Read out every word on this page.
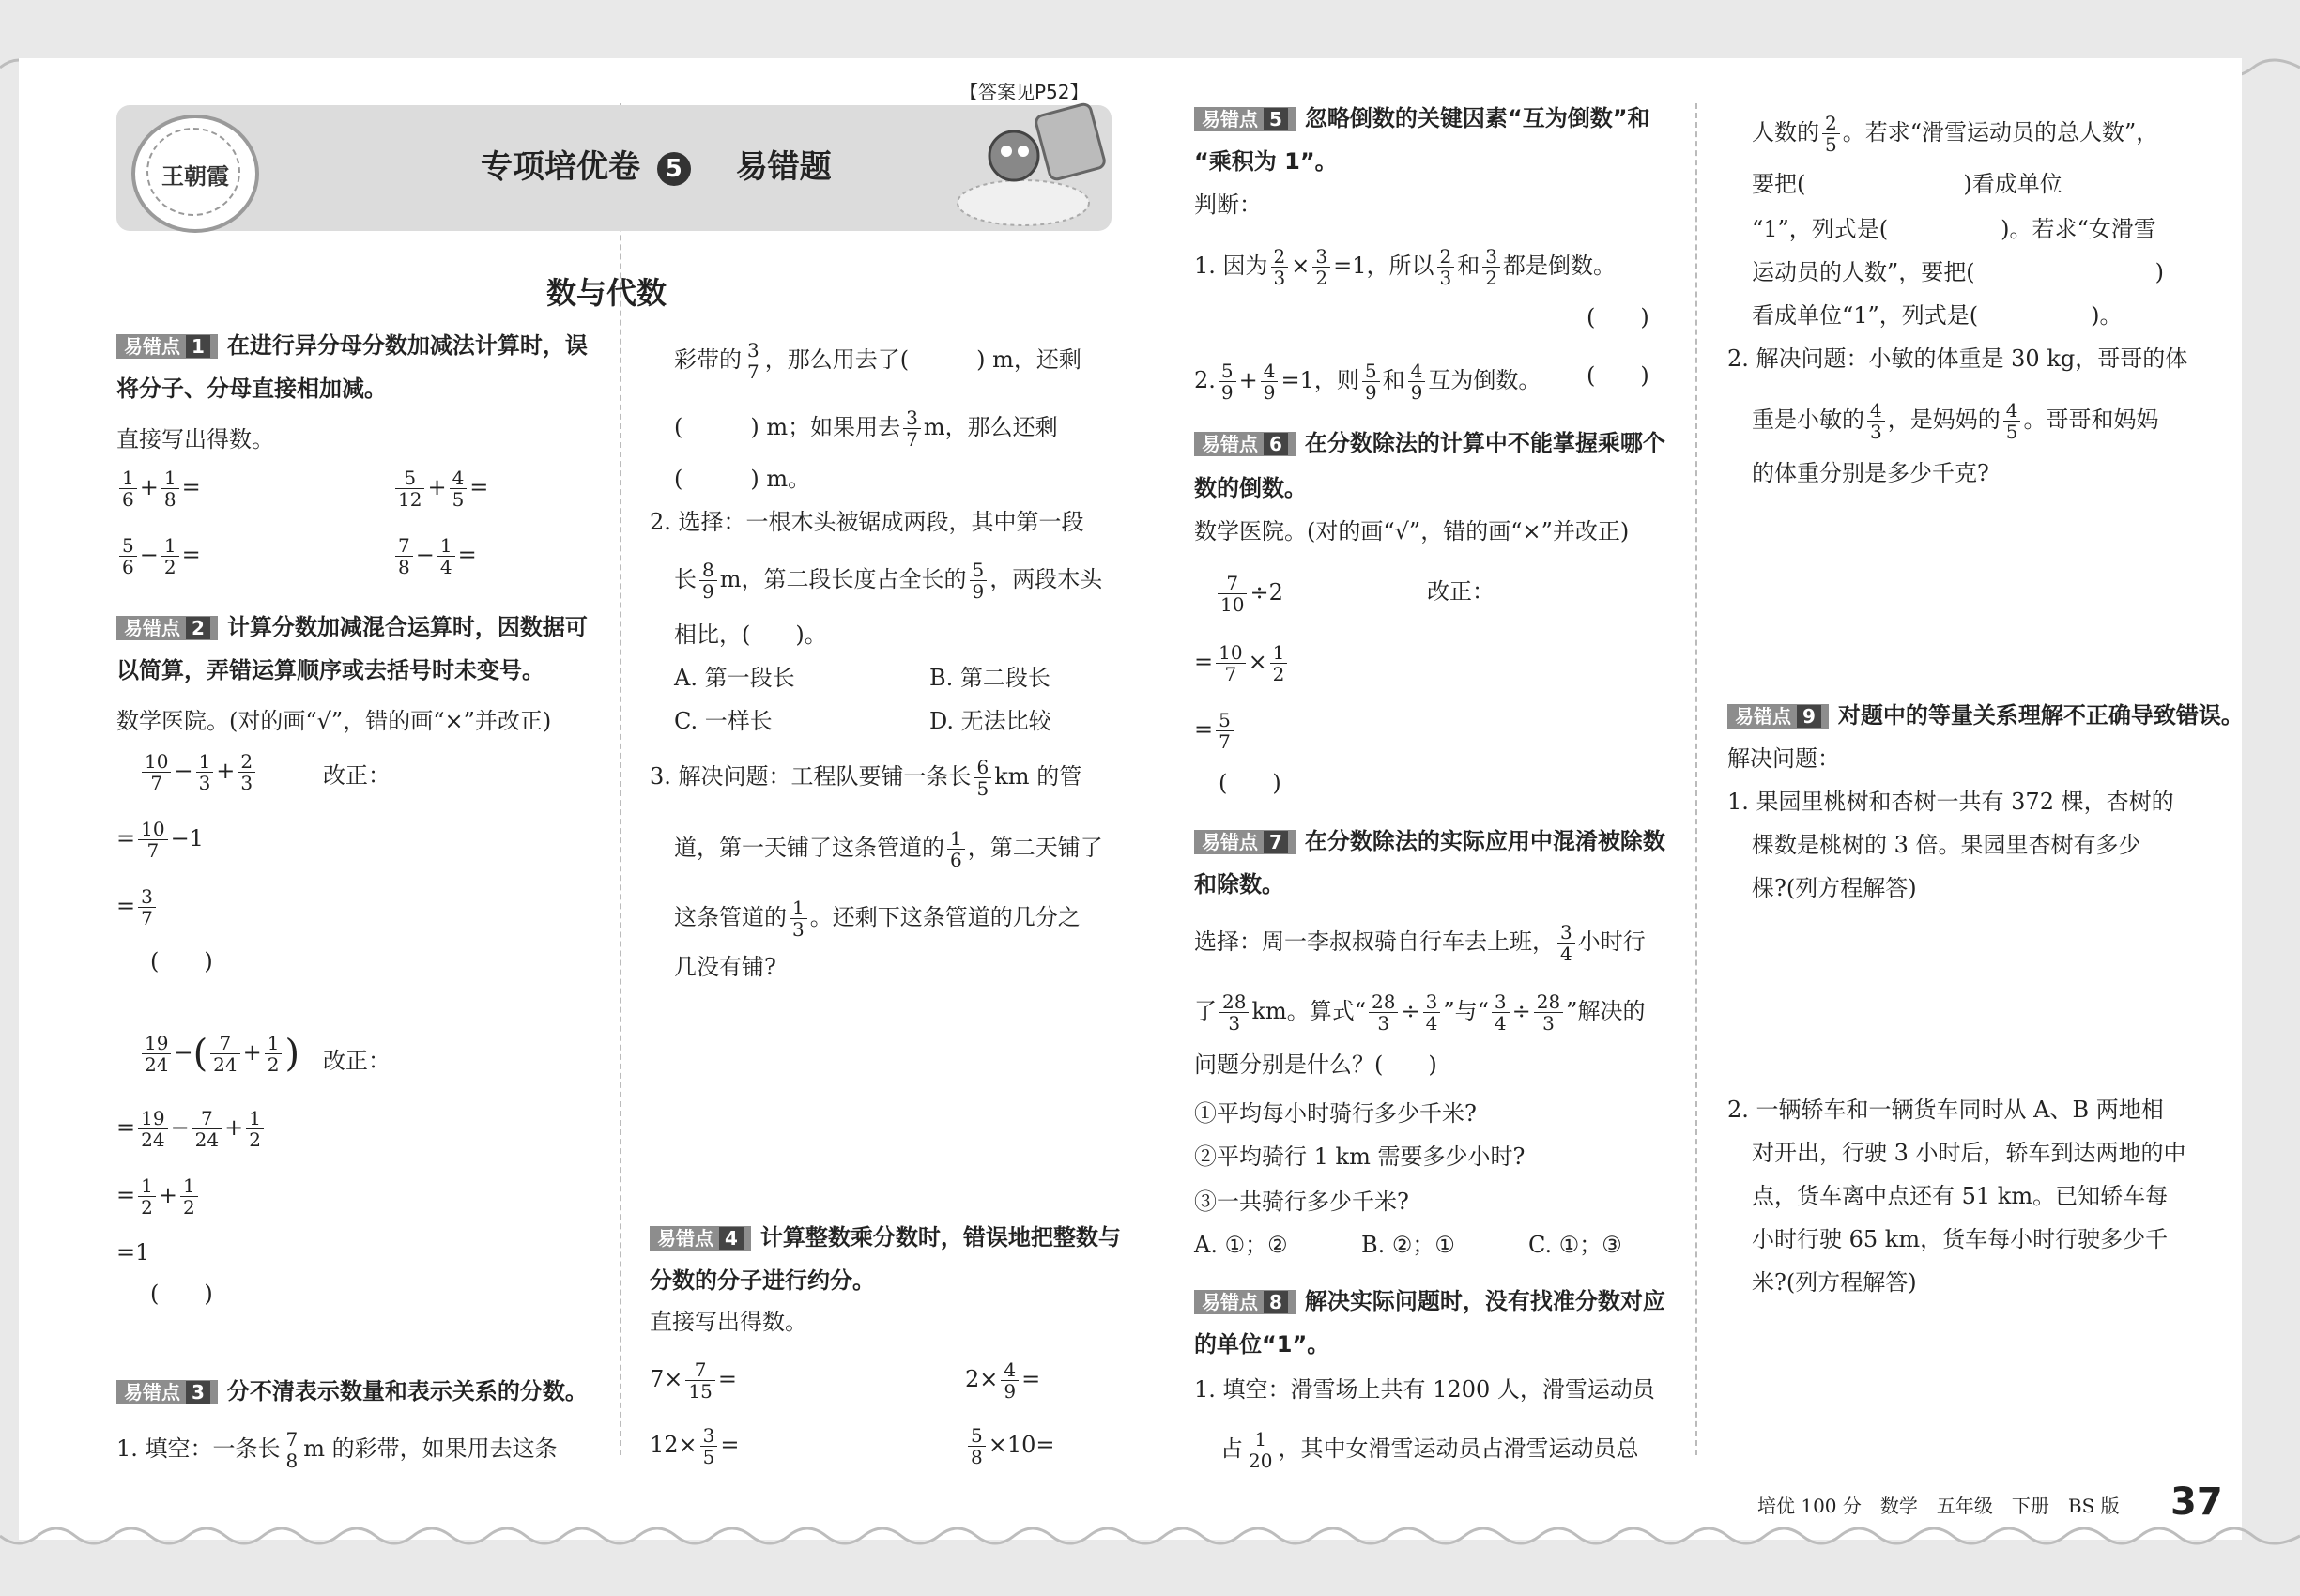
【答案见P52】
王朝霞	专项培优卷 5 易错题
数与代数
易错点 1 在进行异分母分数加减法计算时，误
将分子、分母直接相加减。
直接写出得数。
$\frac{1}{6} + \frac{1}{8}$ =	$\frac{5}{12} + \frac{4}{5}$ =
$\frac{5}{6} - \frac{1}{2}$ =	$\frac{7}{8} - \frac{1}{4}$ =
易错点 2 计算分数加减混合运算时，因数据可
以简算，弄错运算顺序或去括号时未变号。
数学医院。(对的画“√”，错的画“×”并改正)
$\frac{10}{7} - \frac{1}{3} + \frac{2}{3}$	改正：
= $\frac{10}{7} -1$
= $\frac{3}{7}$
(　　)
$\frac{19}{24}$ −( $\frac{7}{24} + \frac{1}{2}$ ) 改正：
= $\frac{19}{24} - \frac{7}{24} + \frac{1}{2}$
= $\frac{1}{2} + \frac{1}{2}$
=1
(　　)
易错点 3 分不清表示数量和表示关系的分数。
1. 填空：一条长 $\frac{7}{8}$ m 的彩带，如果用去这条
彩带的 $\frac{3}{7}$ ，那么用去了(　　　) m，还剩
(　　　) m；如果用去 $\frac{3}{7}$ m，那么还剩
(　　　) m。
2. 选择：一根木头被锯成两段，其中第一段
长 $\frac{8}{9}$ m，第二段长度占全长的 $\frac{5}{9}$ ，两段木头
相比，(　　)。
A. 第一段长	B. 第二段长
C. 一样长	D. 无法比较
3. 解决问题：工程队要铺一条长 $\frac{6}{5}$ km 的管
道，第一天铺了这条管道的 $\frac{1}{6}$ ，第二天铺了
这条管道的 $\frac{1}{3}$ 。还剩下这条管道的几分之
几没有铺?
易错点 4 计算整数乘分数时，错误地把整数与
分数的分子进行约分。
直接写出得数。
$7\times \frac{7}{15}$ =	$2\times \frac{4}{9}$ =
$12\times \frac{3}{5}$ =	$\frac{5}{8} \times 10=$
易错点 5 忽略倒数的关键因素“互为倒数”和
“乘积为 1”。
判断：
1. 因为 $\frac{2}{3} \times \frac{3}{2} =1$，所以 $\frac{2}{3}$ 和 $\frac{3}{2}$ 都是倒数。
(　　)
2. $\frac{5}{9} + \frac{4}{9} =1$，则 $\frac{5}{9}$ 和 $\frac{4}{9}$ 互为倒数。 (　　)
易错点 6 在分数除法的计算中不能掌握乘哪个
数的倒数。
数学医院。(对的画“√”，错的画“×”并改正)
$\frac{7}{10} \div 2$	改正：
= $\frac{10}{7} \times \frac{1}{2}$
= $\frac{5}{7}$
(　　)
易错点 7 在分数除法的实际应用中混淆被除数
和除数。
选择：周一李叔叔骑自行车去上班， $\frac{3}{4}$ 小时行
了 $\frac{28}{3}$ km。算式“ $\frac{28}{3} \div \frac{3}{4}$ ”与“ $\frac{3}{4} \div \frac{28}{3}$ ”解决的
问题分别是什么？(　　)
①平均每小时骑行多少千米?
②平均骑行 1 km 需要多少小时?
③一共骑行多少千米?
A. ①；②	B. ②；①	C. ①；③
易错点 8 解决实际问题时，没有找准分数对应
的单位“1”。
1. 填空：滑雪场上共有 1200 人，滑雪运动员
占 $\frac{1}{20}$ ，其中女滑雪运动员占滑雪运动员总
人数的 $\frac{2}{5}$ 。若求“滑雪运动员的总人数”，
要把(　　　　　　　)看成单位
“1”，列式是(　　　　　)。若求“女滑雪
运动员的人数”，要把(　　　　　　　　)
看成单位“1”，列式是(　　　　　)。
2. 解决问题：小敏的体重是 30 kg，哥哥的体
重是小敏的 $\frac{4}{3}$ ，是妈妈的 $\frac{4}{5}$ 。哥哥和妈妈
的体重分别是多少千克?
易错点 9 对题中的等量关系理解不正确导致错误。
解决问题：
1. 果园里桃树和杏树一共有 372 棵，杏树的
棵数是桃树的 3 倍。果园里杏树有多少
棵?(列方程解答)
2. 一辆轿车和一辆货车同时从 A、B 两地相
对开出，行驶 3 小时后，轿车到达两地的中
点，货车离中点还有 51 km。已知轿车每
小时行驶 65 km，货车每小时行驶多少千
米?(列方程解答)
培优 100 分　数学　五年级　下册　BS 版 37
